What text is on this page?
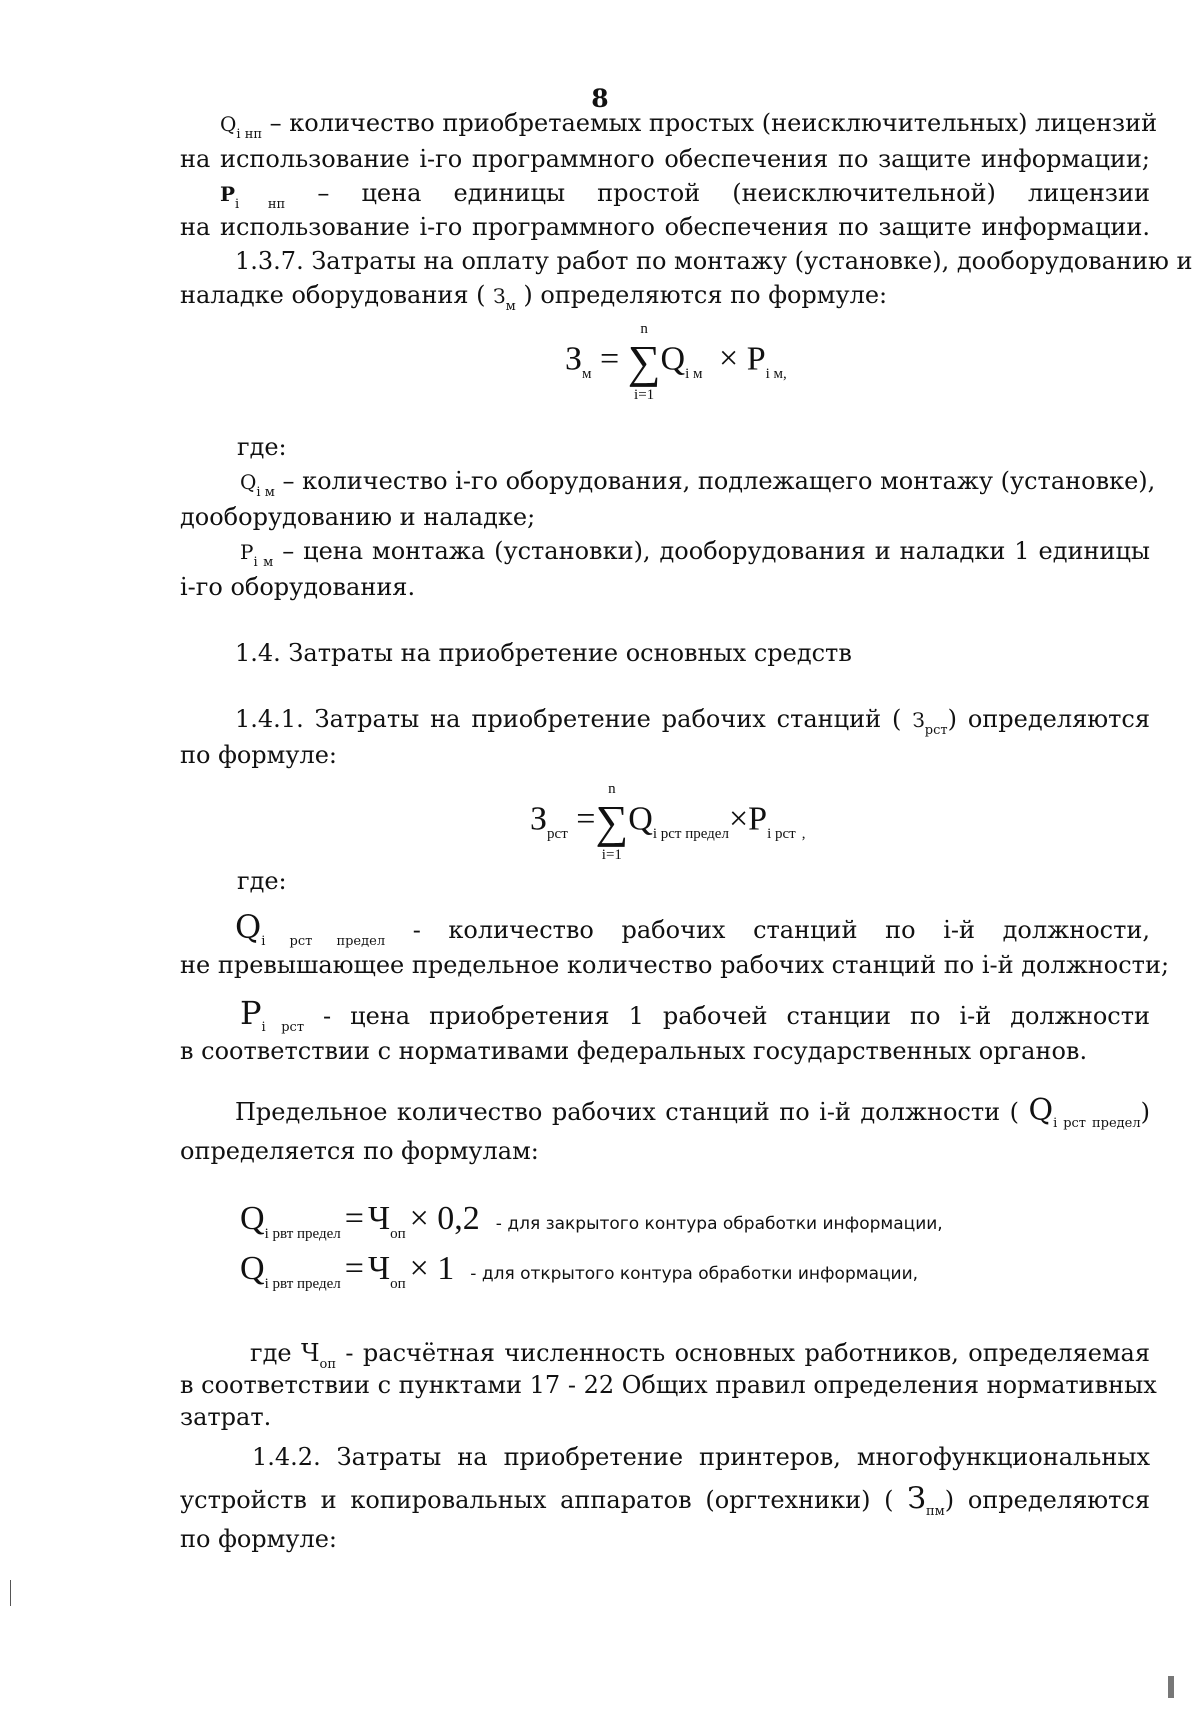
8
$Q_{i нп}$ – количество приобретаемых простых (неисключительных) лицензий
на использование i-го программного обеспечения по защите информации;
$P_{i нп}$ – цена единицы простой (неисключительной) лицензии
на использование i-го программного обеспечения по защите информации.
1.3.7. Затраты на оплату работ по монтажу (установке), дооборудованию и
наладке оборудования ( $З_м$ ) определяются по формуле:
$З_м$ =
n
∑
i=1
$Q_{i м} \times P_{i м,}$
где:
$Q_{i м}$ – количество i-го оборудования, подлежащего монтажу (установке),
дооборудованию и наладке;
$P_{i м}$ – цена монтажа (установки), дооборудования и наладки 1 единицы
i-го оборудования.
1.4. Затраты на приобретение основных средств
1.4.1. Затраты на приобретение рабочих станций ( $З_{рст}$) определяются
по формуле:
$З_{рст}$ =
n
∑
i=1
$Q_{i рст предел}\times P_{i рст}$ $_,$
где:
$Q_{i рст предел}$ - количество рабочих станций по i-й должности,
не превышающее предельное количество рабочих станций по i-й должности;
$P_{i рст}$ - цена приобретения 1 рабочей станции по i-й должности
в соответствии с нормативами федеральных государственных органов.
Предельное количество рабочих станций по i-й должности ( $Q_{i рст предел}$)
определяется по формулам:
Qi рвт предел = Чоп × 0,2 - для закрытого контура обработки информации,
Qi рвт предел = Чоп × 1 - для открытого контура обработки информации,
где $Ч_{оп}$ - расчётная численность основных работников, определяемая
в соответствии с пунктами 17 - 22 Общих правил определения нормативных
затрат.
1.4.2. Затраты на приобретение принтеров, многофункциональных
устройств и копировальных аппаратов (оргтехники) ( $З_{пм}$) определяются
по формуле:
